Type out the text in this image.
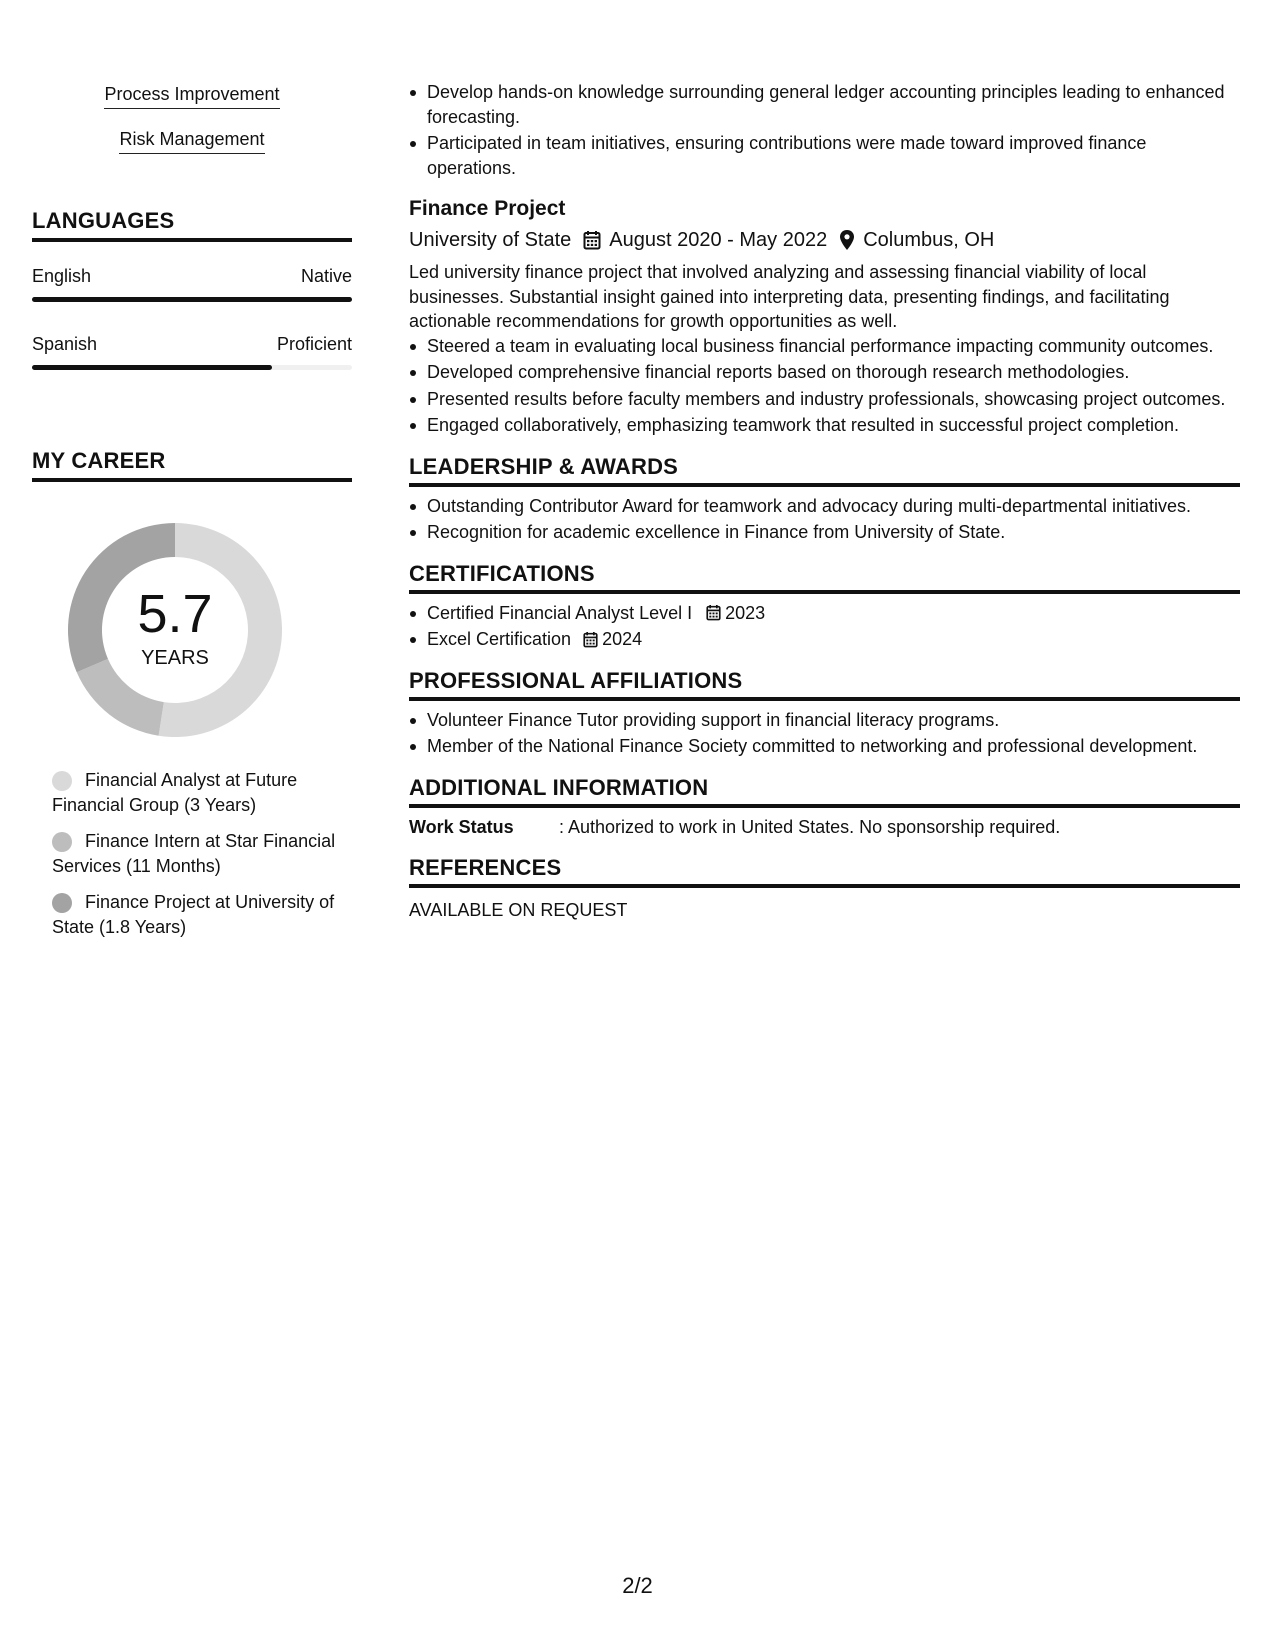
Process Improvement
Risk Management
LANGUAGES
English	Native
Spanish	Proficient
MY CAREER
5.7
YEARS
Financial Analyst at Future Financial Group (3 Years)
Finance Intern at Star Financial Services (11 Months)
Finance Project at University of State (1.8 Years)
Develop hands-on knowledge surrounding general ledger accounting principles leading to enhanced forecasting.
Participated in team initiatives, ensuring contributions were made toward improved finance operations.
Finance Project
University of State August 2020 - May 2022 Columbus, OH
Led university finance project that involved analyzing and assessing financial viability of local businesses. Substantial insight gained into interpreting data, presenting findings, and facilitating actionable recommendations for growth opportunities as well.
Steered a team in evaluating local business financial performance impacting community outcomes.
Developed comprehensive financial reports based on thorough research methodologies.
Presented results before faculty members and industry professionals, showcasing project outcomes.
Engaged collaboratively, emphasizing teamwork that resulted in successful project completion.
LEADERSHIP & AWARDS
Outstanding Contributor Award for teamwork and advocacy during multi-departmental initiatives.
Recognition for academic excellence in Finance from University of State.
CERTIFICATIONS
Certified Financial Analyst Level I 2023
Excel Certification 2024
PROFESSIONAL AFFILIATIONS
Volunteer Finance Tutor providing support in financial literacy programs.
Member of the National Finance Society committed to networking and professional development.
ADDITIONAL INFORMATION
Work Status	: Authorized to work in United States. No sponsorship required.
REFERENCES
AVAILABLE ON REQUEST
2/2
